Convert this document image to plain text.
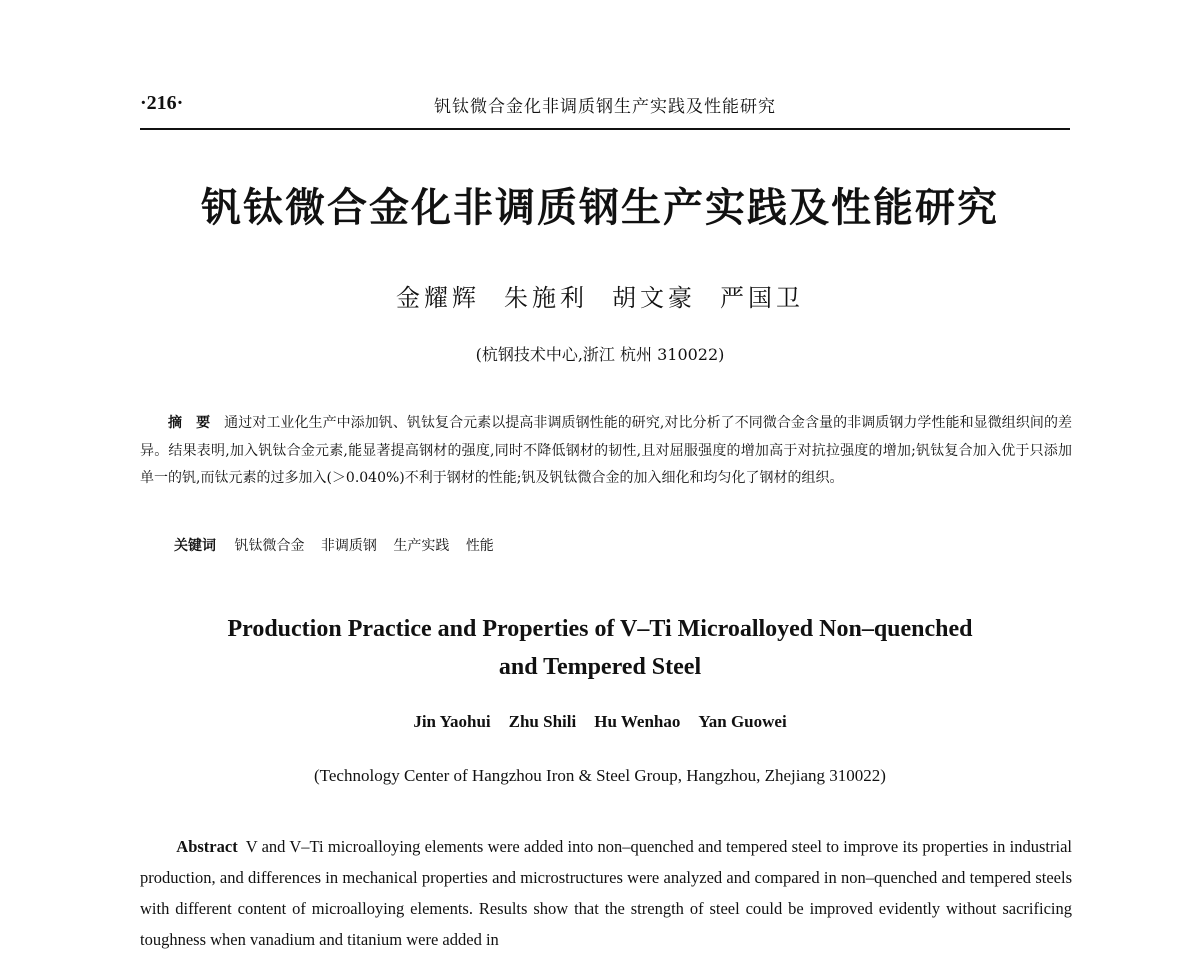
·216·	钒钛微合金化非调质钢生产实践及性能研究
钒钛微合金化非调质钢生产实践及性能研究
金耀辉 朱施利 胡文豪 严国卫
(杭钢技术中心,浙江 杭州 310022)
摘　要 通过对工业化生产中添加钒、钒钛复合元素以提高非调质钢性能的研究,对比分析了不同微合金含量的非调质钢力学性能和显微组织间的差异。结果表明,加入钒钛合金元素,能显著提高钢材的强度,同时不降低钢材的韧性,且对屈服强度的增加高于对抗拉强度的增加;钒钛复合加入优于只添加单一的钒,而钛元素的过多加入(＞0.040%)不利于钢材的性能;钒及钒钛微合金的加入细化和均匀化了钢材的组织。
关键词 钒钛微合金 非调质钢 生产实践 性能
Production Practice and Properties of V–Ti Microalloyed Non–quenched
and Tempered Steel
Jin Yaohui Zhu Shili Hu Wenhao Yan Guowei
(Technology Center of Hangzhou Iron & Steel Group, Hangzhou, Zhejiang 310022)
Abstract V and V–Ti microalloying elements were added into non–quenched and tempered steel to improve its properties in industrial production, and differences in mechanical properties and microstructures were analyzed and compared in non–quenched and tempered steels with different content of microalloying elements. Results show that the strength of steel could be improved evidently without sacrificing toughness when vanadium and titanium were added in
